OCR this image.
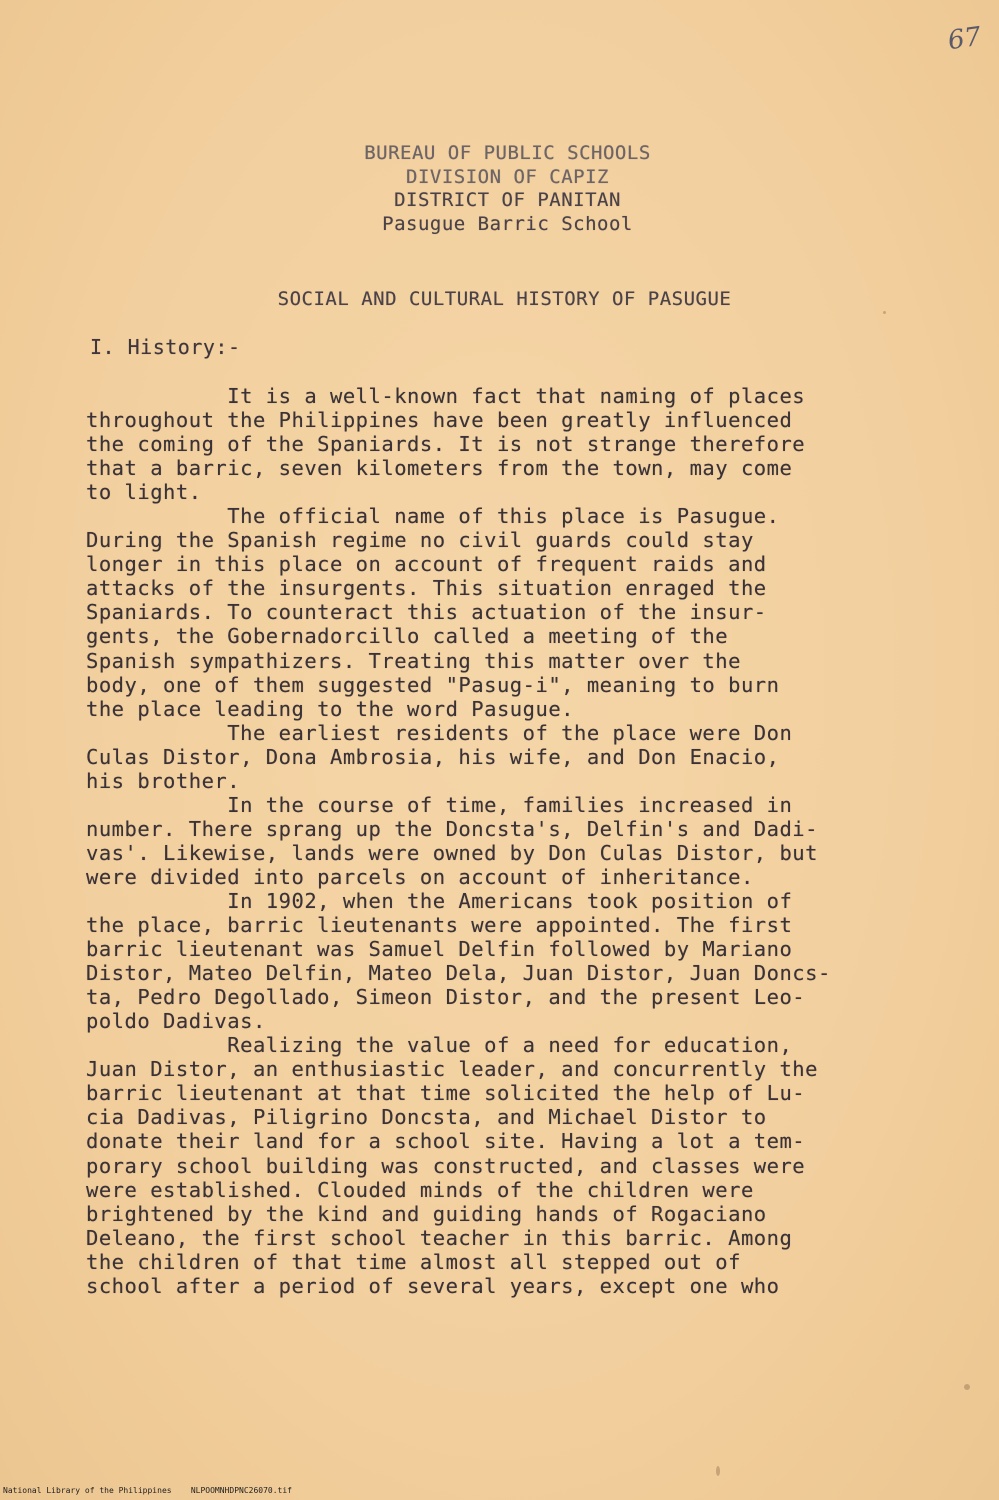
67
BUREAU OF PUBLIC SCHOOLS
DIVISION OF CAPIZ
DISTRICT OF PANITAN
Pasugue Barric School
SOCIAL AND CULTURAL HISTORY OF PASUGUE
I. History:-
It is a well-known fact that naming of places
throughout the Philippines have been greatly influenced
the coming of the Spaniards. It is not strange therefore
that a barric, seven kilometers from the town, may come
to light.
The official name of this place is Pasugue.
During the Spanish regime no civil guards could stay
longer in this place on account of frequent raids and
attacks of the insurgents. This situation enraged the
Spaniards. To counteract this actuation of the insur-
gents, the Gobernadorcillo called a meeting of the
Spanish sympathizers. Treating this matter over the
body, one of them suggested "Pasug-i", meaning to burn
the place leading to the word Pasugue.
The earliest residents of the place were Don
Culas Distor, Dona Ambrosia, his wife, and Don Enacio,
his brother.
In the course of time, families increased in
number. There sprang up the Doncsta's, Delfin's and Dadi-
vas'. Likewise, lands were owned by Don Culas Distor, but
were divided into parcels on account of inheritance.
In 1902, when the Americans took position of
the place, barric lieutenants were appointed. The first
barric lieutenant was Samuel Delfin followed by Mariano
Distor, Mateo Delfin, Mateo Dela, Juan Distor, Juan Doncs-
ta, Pedro Degollado, Simeon Distor, and the present Leo-
poldo Dadivas.
Realizing the value of a need for education,
Juan Distor, an enthusiastic leader, and concurrently the
barric lieutenant at that time solicited the help of Lu-
cia Dadivas, Piligrino Doncsta, and Michael Distor to
donate their land for a school site. Having a lot a tem-
porary school building was constructed, and classes were
were established. Clouded minds of the children were
brightened by the kind and guiding hands of Rogaciano
Deleano, the first school teacher in this barric. Among
the children of that time almost all stepped out of
school after a period of several years, except one who
National Library of the Philippines NLPOOMNHDPNC26070.tif
